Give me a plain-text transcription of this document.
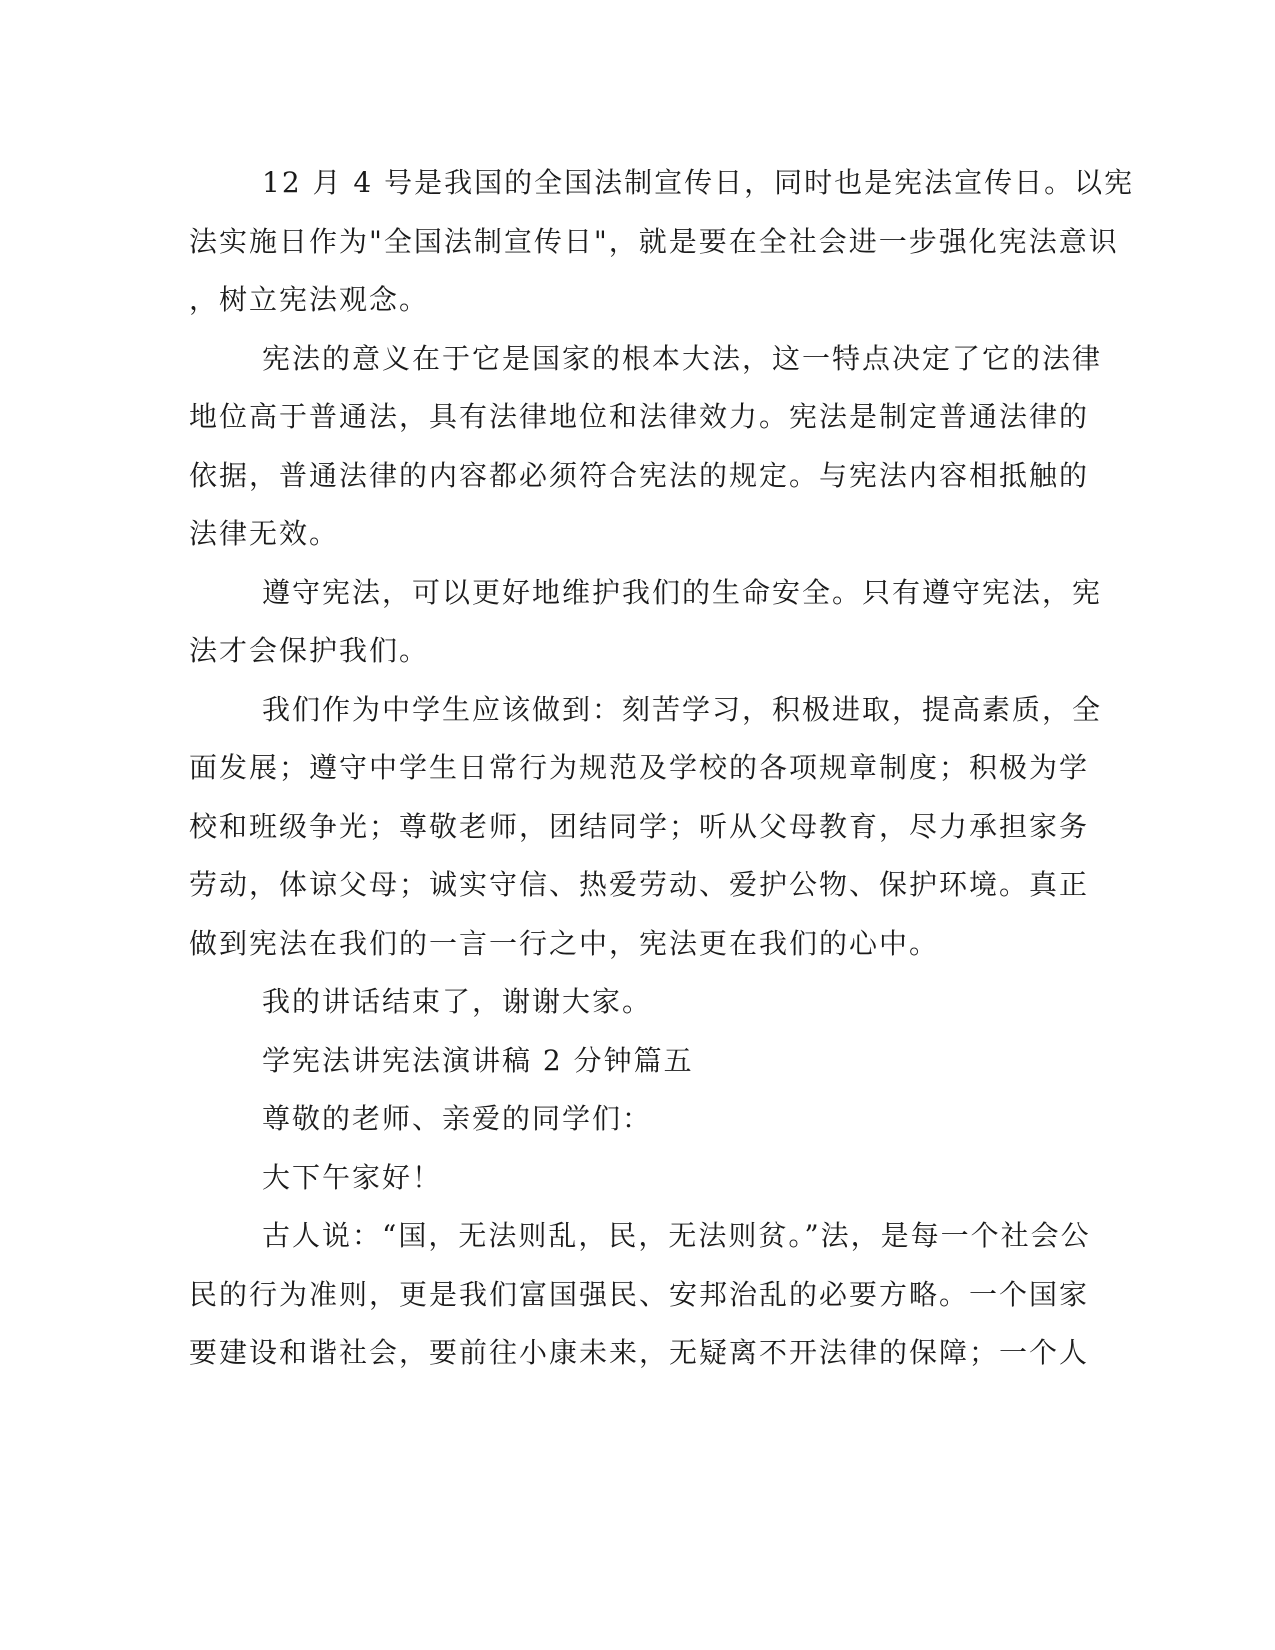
12 月 4 号是我国的全国法制宣传日，同时也是宪法宣传日。以宪
法实施日作为"全国法制宣传日"，就是要在全社会进一步强化宪法意识
，树立宪法观念。
宪法的意义在于它是国家的根本大法，这一特点决定了它的法律
地位高于普通法，具有法律地位和法律效力。宪法是制定普通法律的
依据，普通法律的内容都必须符合宪法的规定。与宪法内容相抵触的
法律无效。
遵守宪法，可以更好地维护我们的生命安全。只有遵守宪法，宪
法才会保护我们。
我们作为中学生应该做到：刻苦学习，积极进取，提高素质，全
面发展；遵守中学生日常行为规范及学校的各项规章制度；积极为学
校和班级争光；尊敬老师，团结同学；听从父母教育，尽力承担家务
劳动，体谅父母；诚实守信、热爱劳动、爱护公物、保护环境。真正
做到宪法在我们的一言一行之中，宪法更在我们的心中。
我的讲话结束了，谢谢大家。
学宪法讲宪法演讲稿 2 分钟篇五
尊敬的老师、亲爱的同学们：
大下午家好！
古人说：“国，无法则乱，民，无法则贫。”法，是每一个社会公
民的行为准则，更是我们富国强民、安邦治乱的必要方略。一个国家
要建设和谐社会，要前往小康未来，无疑离不开法律的保障；一个人
